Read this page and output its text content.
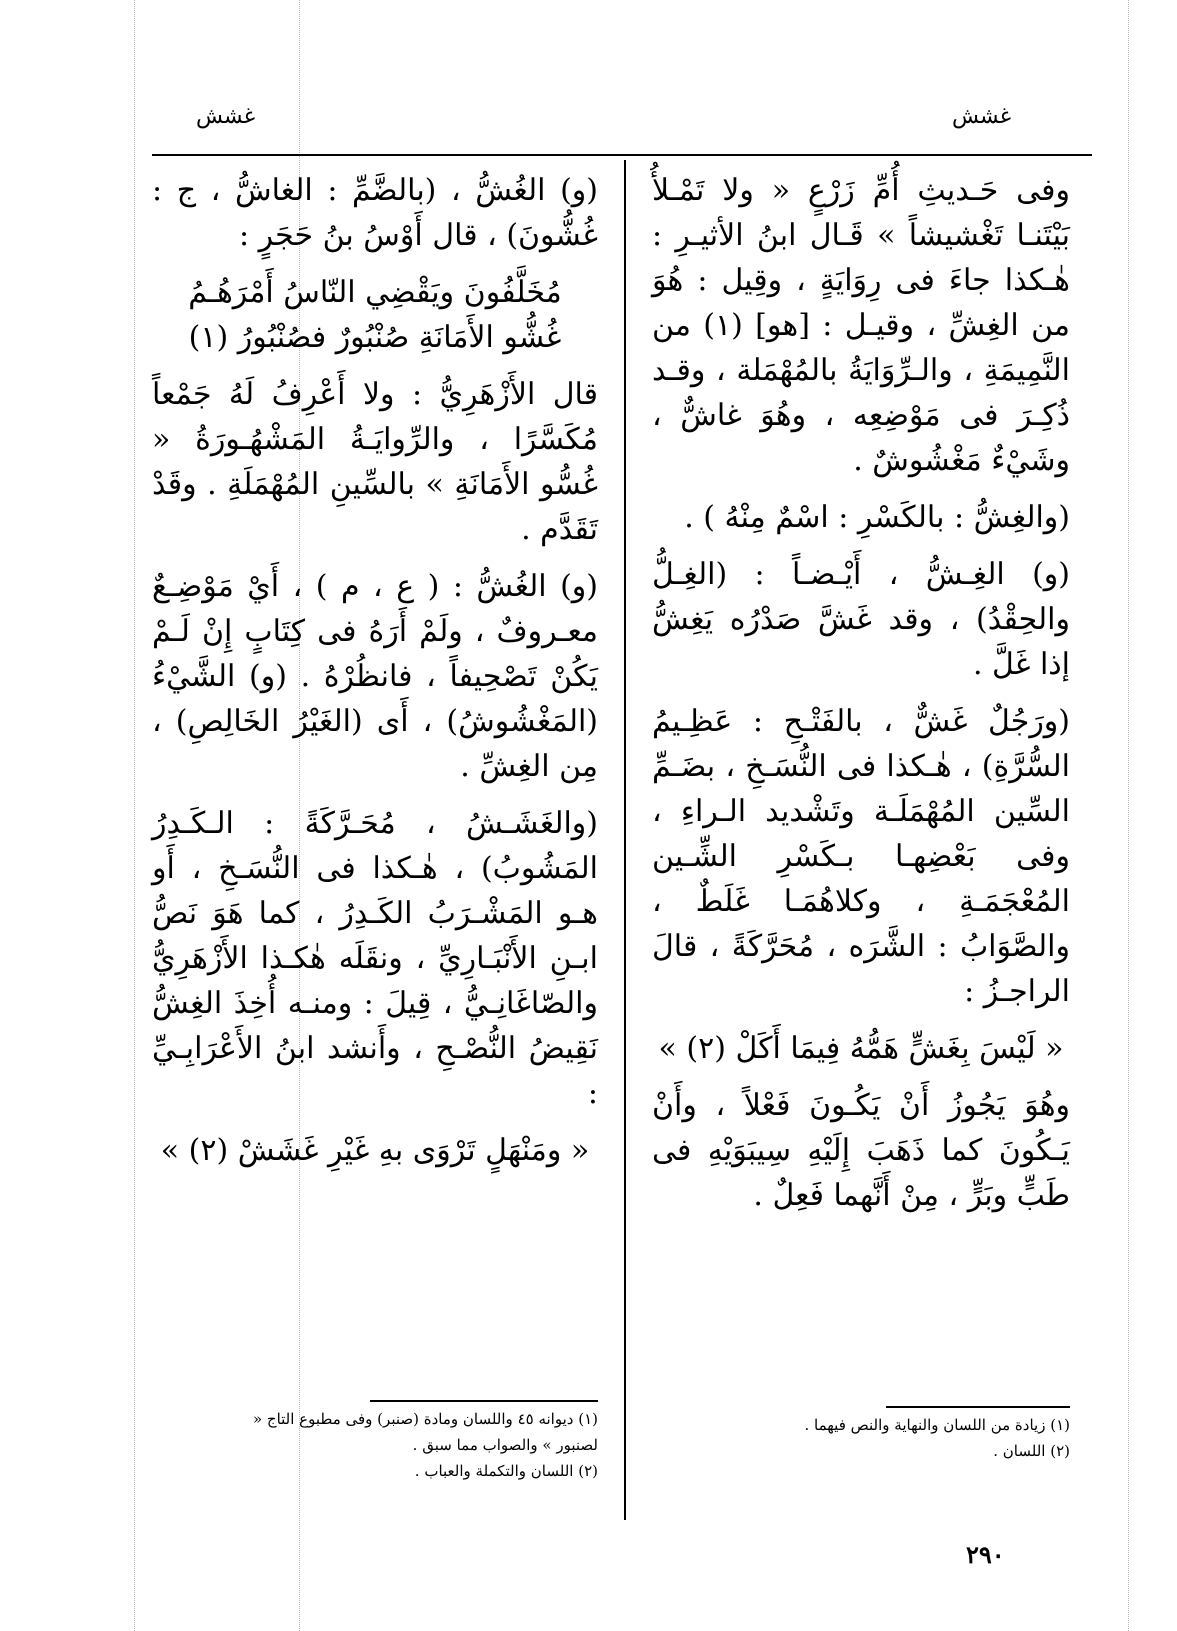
غشش
غشش

وفى حَـديثِ أُمِّ زَرْعٍ « ولا تَمْـلأُ بَيْتَنـا تَغْشيشاً » قَـال ابنُ الأثيـرِ : هٰـكذا جاءَ فى رِوَايَةٍ ، وقِيل : هُوَ من الغِشِّ ، وقيـل : [هو] (١) من النَّمِيمَةِ ، والـرِّوَايَةُ بالمُهْمَلة ، وقـد ذُكِـرَ فى مَوْضِعِه ، وهُوَ غاشٌّ ، وشَيْءٌ مَغْشُوشٌ .

(والغِشُّ : بالكَسْرِ : اسْمٌ مِنْهُ ) .

(و) الغِـشُّ ، أَيْـضـاً : (الغِـلُّ والحِقْدُ) ، وقد غَشَّ صَدْرُه يَغِشُّ إذا غَلَّ .

(ورَجُلٌ غَشٌّ ، بالفَتْـحِ : عَظِـيمُ السُّرَّةِ) ، هٰـكذا فى النُّسَـخِ ، بضَـمِّ السِّين المُهْمَلَـة وتَشْديد الـراءِ ، وفى بَعْضِهـا بـكَسْرِ الشِّـين المُعْجَمَـةِ ، وكلاهُمَـا غَلَطٌ ، والصَّوَابُ : الشَّرَه ، مُحَرَّكَةً ، قالَ الراجـزُ :

« لَيْسَ بِغَشٍّ هَمُّهُ فِيمَا أَكَلْ (٢) »

وهُوَ يَجُوزُ أَنْ يَكُـونَ فَعْلاً ، وأَنْ يَـكُونَ كما ذَهَبَ إِلَيْهِ سِيبَوَيْهِ فى طَبٍّ وبَرٍّ ، مِنْ أَنَّهما فَعِلٌ .

(و) الغُشُّ ، (بالضَّمِّ : الغاشُّ ، ج : غُشُّونَ) ، قال أَوْسُ بنُ حَجَرٍ :

مُخَلَّفُونَ ويَقْضِي النّاسُ أَمْرَهُـمُ

غُشُّو الأَمَانَةِ صُنْبُورٌ فصُنْبُورُ (١)

قال الأَزْهَرِيُّ : ولا أَعْرِفُ لَهُ جَمْعاً مُكَسَّرًا ، والرِّوايَـةُ المَشْهُـورَةُ « غُسُّو الأَمَانَةِ » بالسِّينِ المُهْمَلَةِ . وقَدْ تَقَدَّم .

(و) الغُشُّ : ( ع ، م ) ، أَيْ مَوْضِـعٌ معـروفٌ ، ولَمْ أَرَهُ فى كِتَابٍ إِنْ لَـمْ يَكُنْ تَصْحِيفاً ، فانظُرْهُ . (و) الشَّيْءُ (المَغْشُوشُ) ، أَى (الغَيْرُ الخَالِصِ) ، مِن الغِشِّ .

(والغَشَـشُ ، مُحَـرَّكَةً : الـكَـدِرُ المَشُوبُ) ، هٰـكذا فى النُّسَـخِ ، أَو هـو المَشْـرَبُ الكَـدِرُ ، كما هَوَ نَصُّ ابـنِ الأَنْبَـارِيِّ ، ونقَلَه هٰكـذا الأَزْهَرِيُّ والصّاغَانِـيُّ ، قِيلَ : ومنـه أُخِذَ الغِشُّ نَقِيضُ النُّصْـحِ ، وأَنشد ابنُ الأَعْرَابِـيِّ :

« ومَنْهَلٍ تَرْوَى بهِ غَيْرِ غَشَشْ (٢) »

(١) زيادة من اللسان والنهاية والنص فيهما .
(٢) اللسان .
(١) ديوانه ٤٥ واللسان ومادة (صنبر) وفى مطبوع التاج « لصنبور » والصواب مما سبق .
(٢) اللسان والتكملة والعباب .
٢٩٠
